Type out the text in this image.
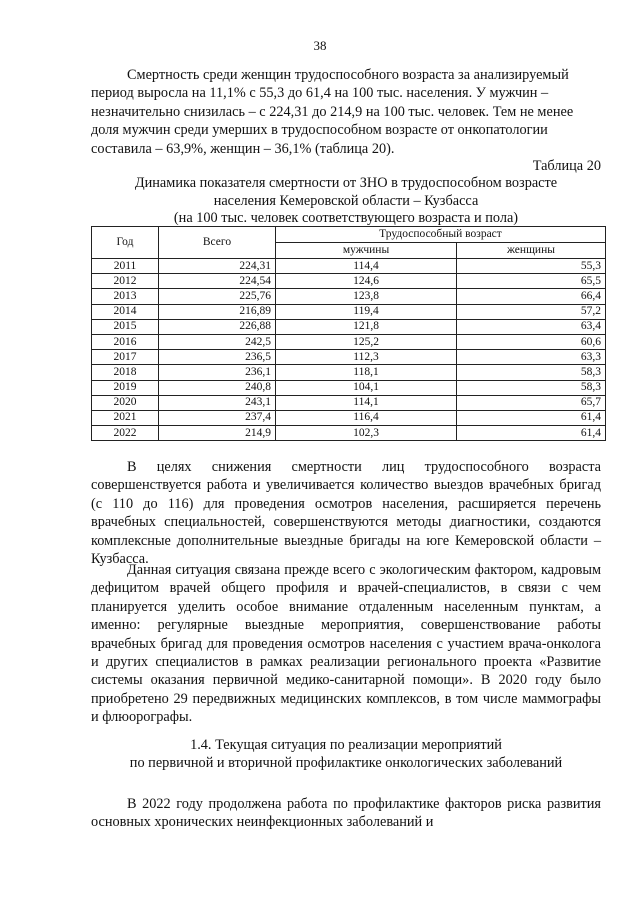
38
Смертность среди женщин трудоспособного возраста за анализируемый
период выросла на 11,1% с 55,3 до 61,4 на 100 тыс. населения. У мужчин –
незначительно снизилась – с 224,31 до 214,9 на 100 тыс. человек. Тем не менее
доля мужчин среди умерших в трудоспособном возрасте от онкопатологии
составила – 63,9%, женщин – 36,1% (таблица 20).
Таблица 20
Динамика показателя смертности от ЗНО в трудоспособном возрасте
населения Кемеровской области – Кузбасса
(на 100 тыс. человек соответствующего возраста и пола)
Год	Всего	Трудоспособный возраст	
		мужчины	женщины
2011	224,31	114,4	55,3
2012	224,54	124,6	65,5
2013	225,76	123,8	66,4
2014	216,89	119,4	57,2
2015	226,88	121,8	63,4
2016	242,5	125,2	60,6
2017	236,5	112,3	63,3
2018	236,1	118,1	58,3
2019	240,8	104,1	58,3
2020	243,1	114,1	65,7
2021	237,4	116,4	61,4
2022	214,9	102,3	61,4
В целях снижения смертности лиц трудоспособного возраста совершенствуется работа и увеличивается количество выездов врачебных бригад (с 110 до 116) для проведения осмотров населения, расширяется перечень врачебных специальностей, совершенствуются методы диагностики, создаются комплексные дополнительные выездные бригады на юге Кемеровской области – Кузбасса.
Данная ситуация связана прежде всего с экологическим фактором, кадровым дефицитом врачей общего профиля и врачей-специалистов, в связи с чем планируется уделить особое внимание отдаленным населенным пунктам, а именно: регулярные выездные мероприятия, совершенствование работы врачебных бригад для проведения осмотров населения с участием врача-онколога и других специалистов в рамках реализации регионального проекта «Развитие системы оказания первичной медико-санитарной помощи». В 2020 году было приобретено 29 передвижных медицинских комплексов, в том числе маммографы и флюорографы.
1.4. Текущая ситуация по реализации мероприятий
по первичной и вторичной профилактике онкологических заболеваний
В 2022 году продолжена работа по профилактике факторов риска развития основных хронических неинфекционных заболеваний и
